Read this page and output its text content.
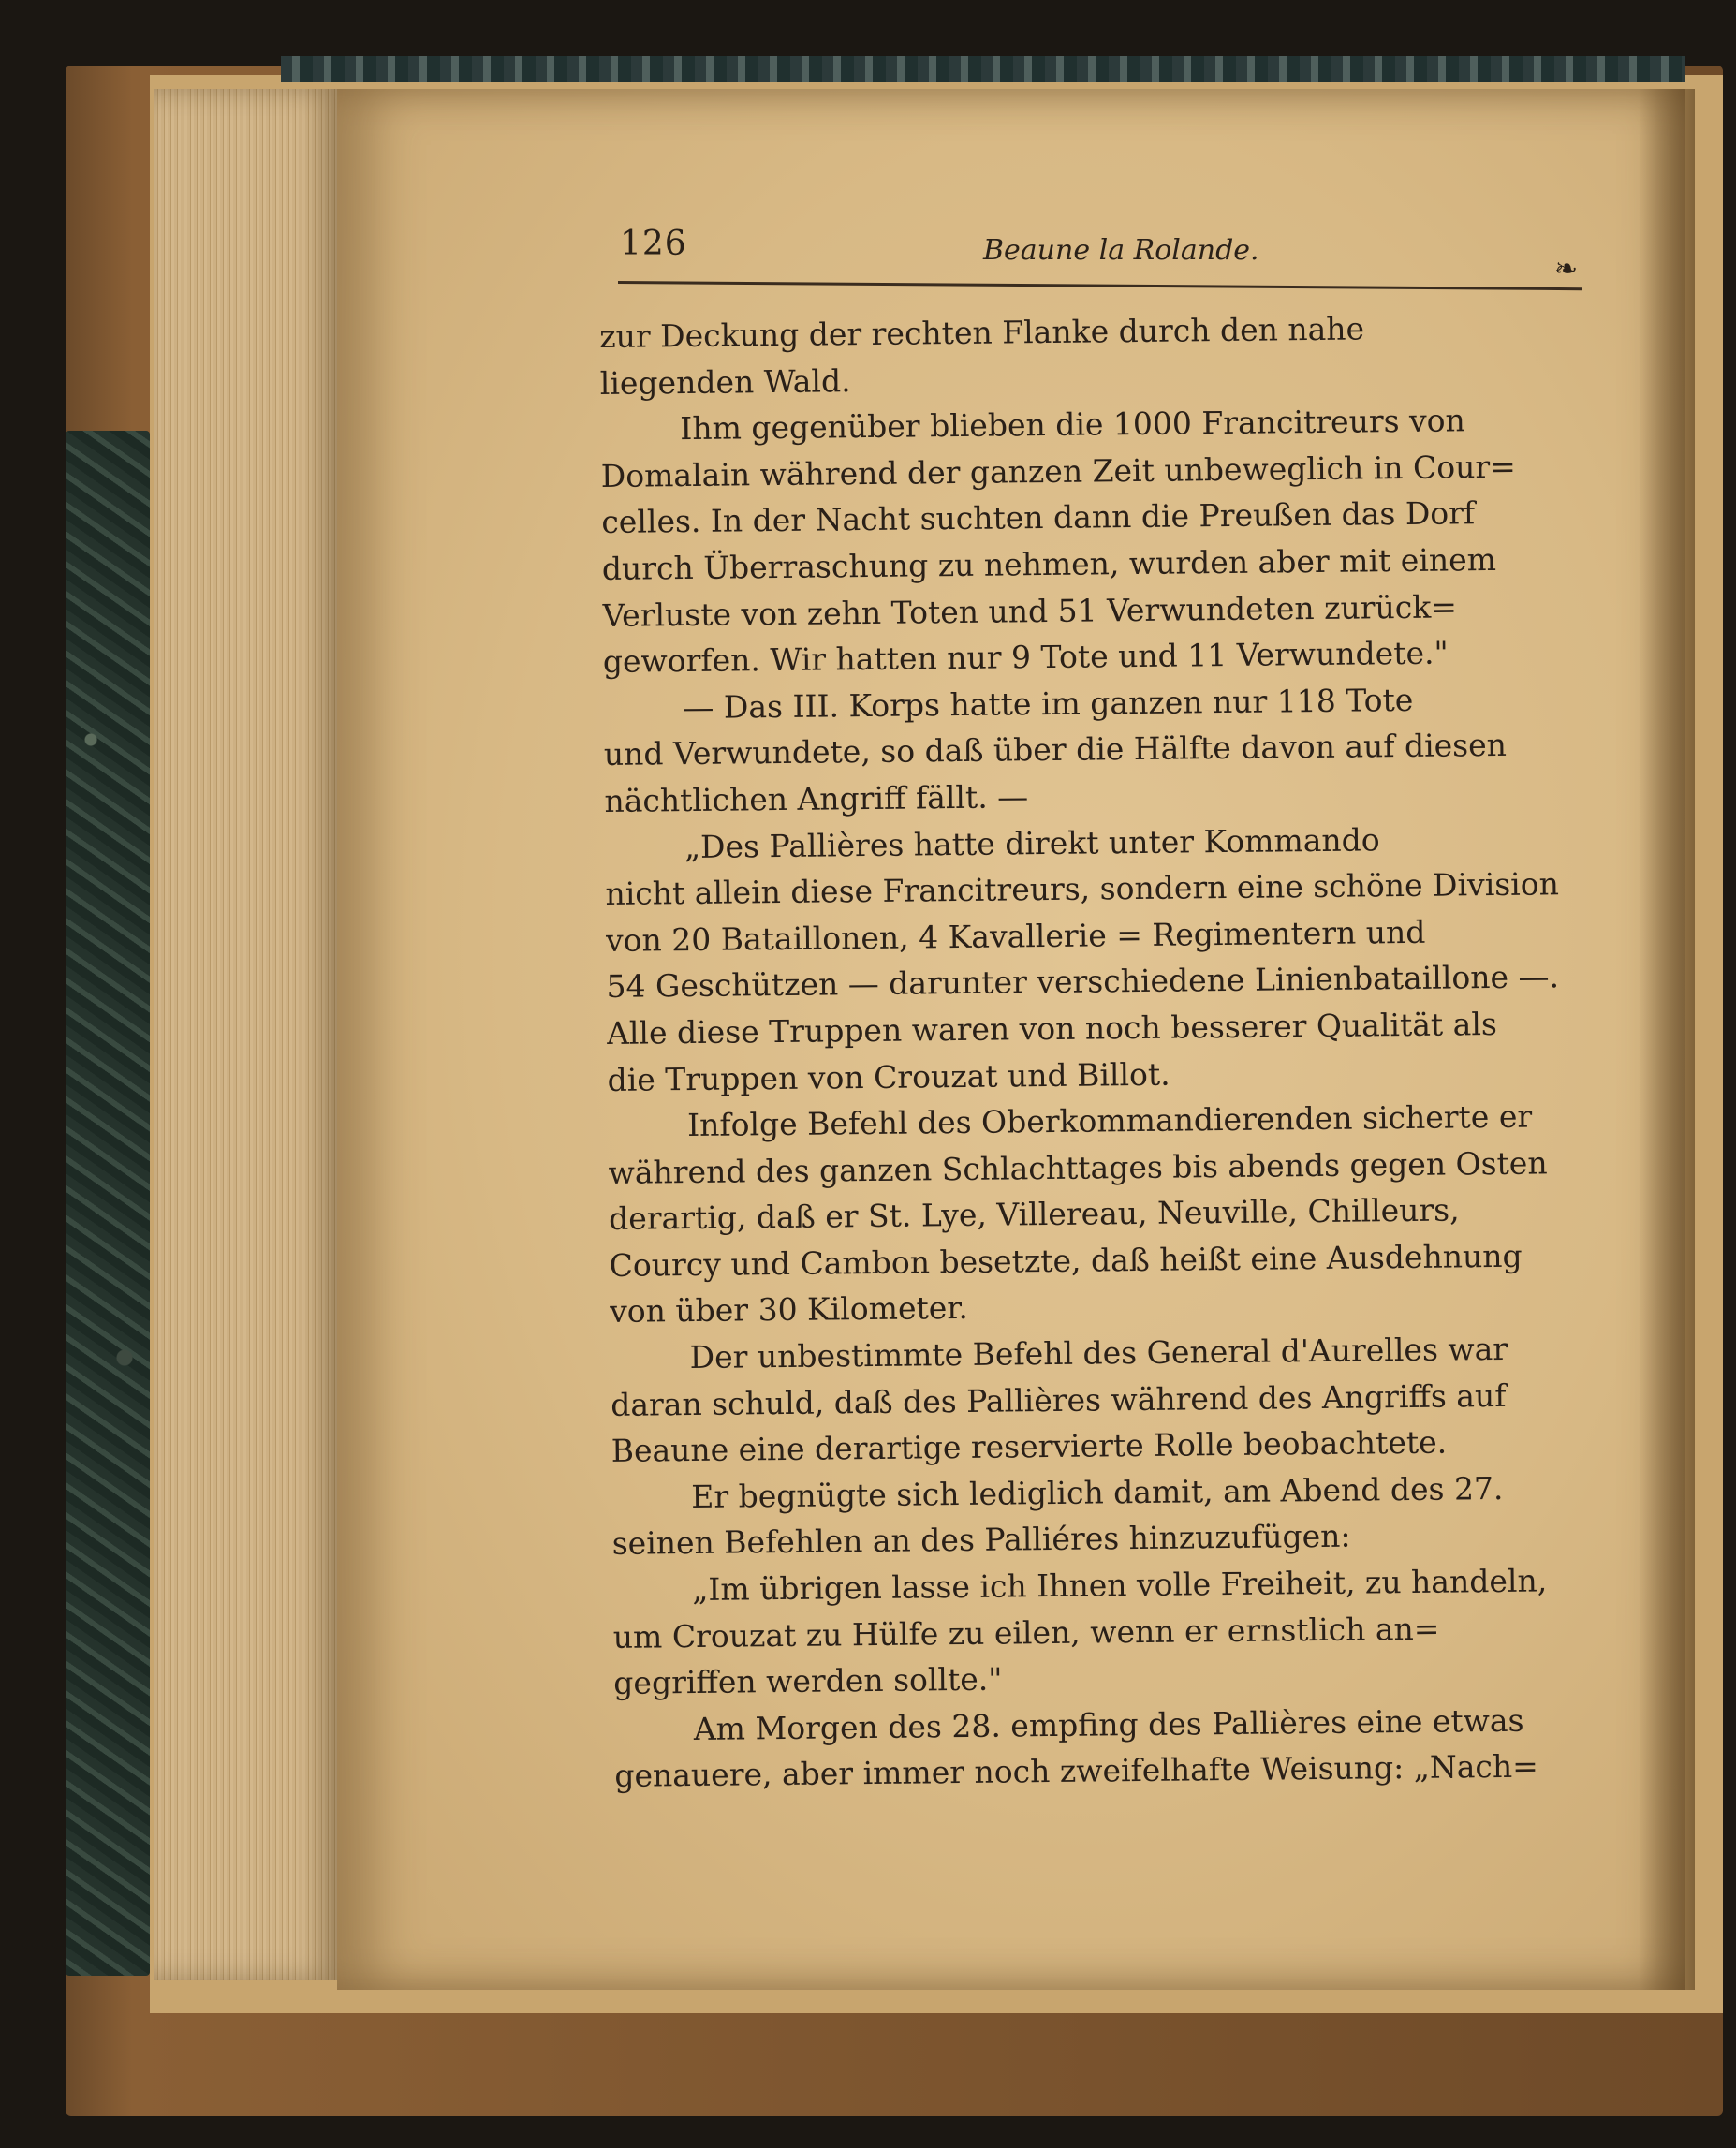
126	Beaune la Rolande.
❧
zur Deckung der rechten Flanke durch den nahe
liegenden Wald.
Ihm gegenüber blieben die 1000 Francitreurs von
Domalain während der ganzen Zeit unbeweglich in Cour=
celles. In der Nacht suchten dann die Preußen das Dorf
durch Überraschung zu nehmen, wurden aber mit einem
Verluste von zehn Toten und 51 Verwundeten zurück=
geworfen. Wir hatten nur 9 Tote und 11 Verwundete."
— Das III. Korps hatte im ganzen nur 118 Tote
und Verwundete, so daß über die Hälfte davon auf diesen
nächtlichen Angriff fällt. —
„Des Pallières hatte direkt unter Kommando
nicht allein diese Francitreurs, sondern eine schöne Division
von 20 Bataillonen, 4 Kavallerie = Regimentern und
54 Geschützen — darunter verschiedene Linienbataillone —.
Alle diese Truppen waren von noch besserer Qualität als
die Truppen von Crouzat und Billot.
Infolge Befehl des Oberkommandierenden sicherte er
während des ganzen Schlachttages bis abends gegen Osten
derartig, daß er St. Lye, Villereau, Neuville, Chilleurs,
Courcy und Cambon besetzte, daß heißt eine Ausdehnung
von über 30 Kilometer.
Der unbestimmte Befehl des General d'Aurelles war
daran schuld, daß des Pallières während des Angriffs auf
Beaune eine derartige reservierte Rolle beobachtete.
Er begnügte sich lediglich damit, am Abend des 27.
seinen Befehlen an des Palliéres hinzuzufügen:
„Im übrigen lasse ich Ihnen volle Freiheit, zu handeln,
um Crouzat zu Hülfe zu eilen, wenn er ernstlich an=
gegriffen werden sollte."
Am Morgen des 28. empfing des Pallières eine etwas
genauere, aber immer noch zweifelhafte Weisung: „Nach=
